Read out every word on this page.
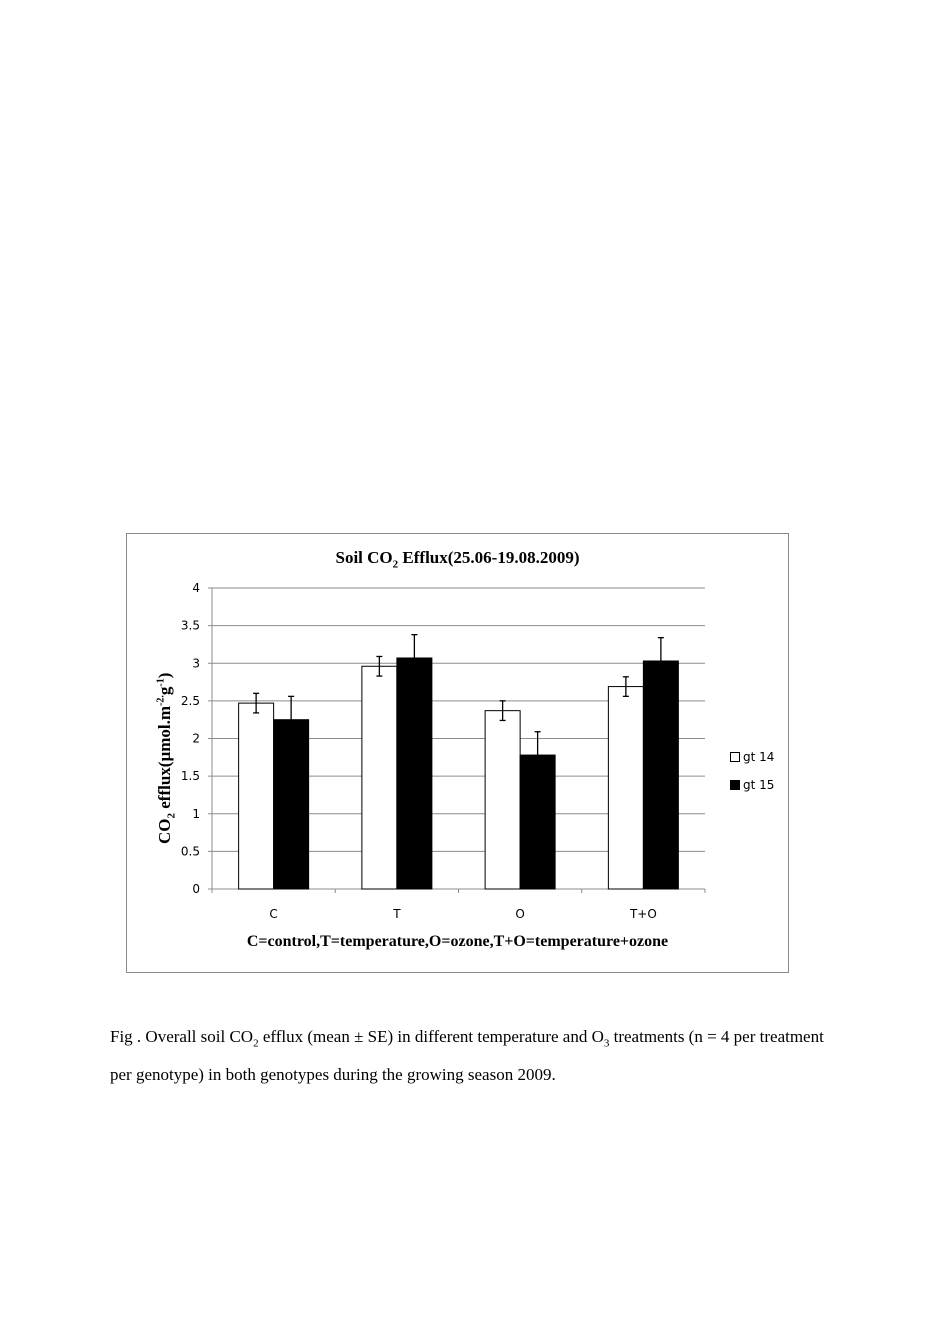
Soil $CO_2$ Efflux(25.06-19.08.2009)
$CO_2$ $efflux(\mu mol.m^{-2.}g^{-1})$
0
0.5
1
1.5
2
2.5
3
3.5
4
C	T	O	T+O
gt 14
gt 15
C=control,T=temperature,O=ozone,T+O=temperature+ozone
Fig . Overall soil $CO_2$ efflux (mean ± SE) in different temperature and $O_3$ treatments (n = 4 per treatment per genotype) in both genotypes during the growing season 2009.
